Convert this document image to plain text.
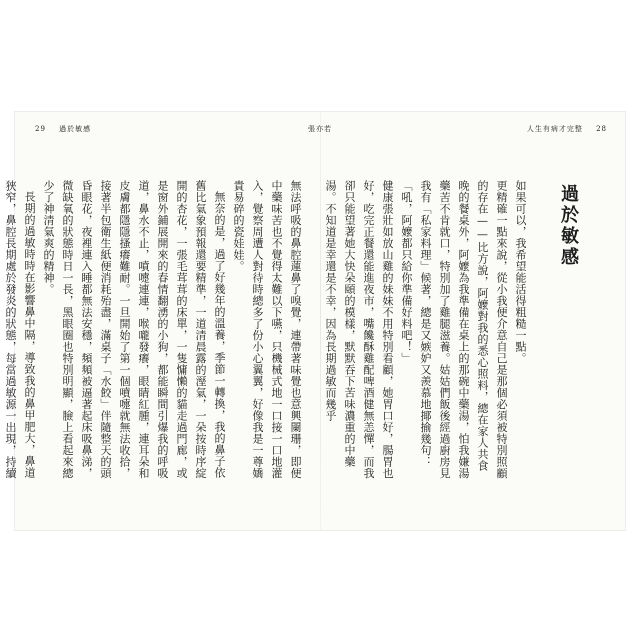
29 過於敏感	張亦若	人生有病才完整 28
過於敏感

如果可以，我希望能活得粗糙一點。

更精確一點來說，從小我便介意自己是那個必須被特別照顧的存在——比方說，阿嬤對我的悉心照料，總在家人共食晚的餐桌外，阿嬤為我準備在桌上的那碗中藥湯，怕我嫌湯藥苦不肯就口，特別加了雞腿滋養。姑姑們飯後經過廚房見我有「私家料理」候著，總是又嫉妒又羨慕地揶揄幾句：「吼，阿嬤都只給你準備好料吧！」

健康張壯如放山雞的妹妹不用特別看顧，她胃口好，腸胃也好，吃完正餐還能進夜市，嘴饞酥雞配啤酒健無恙憚，而我卻只能望著她大快朵頤的模樣，默默吞下苦味濃重的中藥湯。不知道是幸還是不幸，因為長期過敏而幾乎

無法呼吸的鼻腔蓮鼻了嗅覺，連帶著味覺也意興闌珊，即便中藥味苦也不覺得太難以下嚥，只機械式地一口接一口地灌入，覺察周遭人對待時總多了份小心翼翼，好像我是一尊嬌貴易碎的瓷娃娃。

無奈的是，過了好幾年的溫養，季節一轉換，我的鼻子依舊比氣象預報還要精準，一道清晨露的溼氣，一朵按時序綻開的杏花，一張毛茸茸的床單，一隻慵懶的貓走過門廊，或是窗外鋪展開來的春情翻湧的小狗，都能瞬間引爆我的呼吸道，鼻水不止，噴嚏連連，喉嚨發癢，眼睛紅腫，連耳朵和皮膚都隱隱搔癢難耐。一旦開始了第一個噴嚏就無法收拾，接著半包衛生紙便消耗殆盡，滿桌子「水餃」伴隨整天的頭昏眼花，夜裡連入睡都無法安穩，頻頻被逼著起床吸鼻涕，微缺氧的狀態時日一長，黑眼圈也特別明顯，臉上看起來總少了神清氣爽的精神。

長期的過敏時時在影響鼻中隔，導致我的鼻甲肥大，鼻道狹窄，鼻腔長期處於發炎的狀態，每當過敏源一出現，持續
